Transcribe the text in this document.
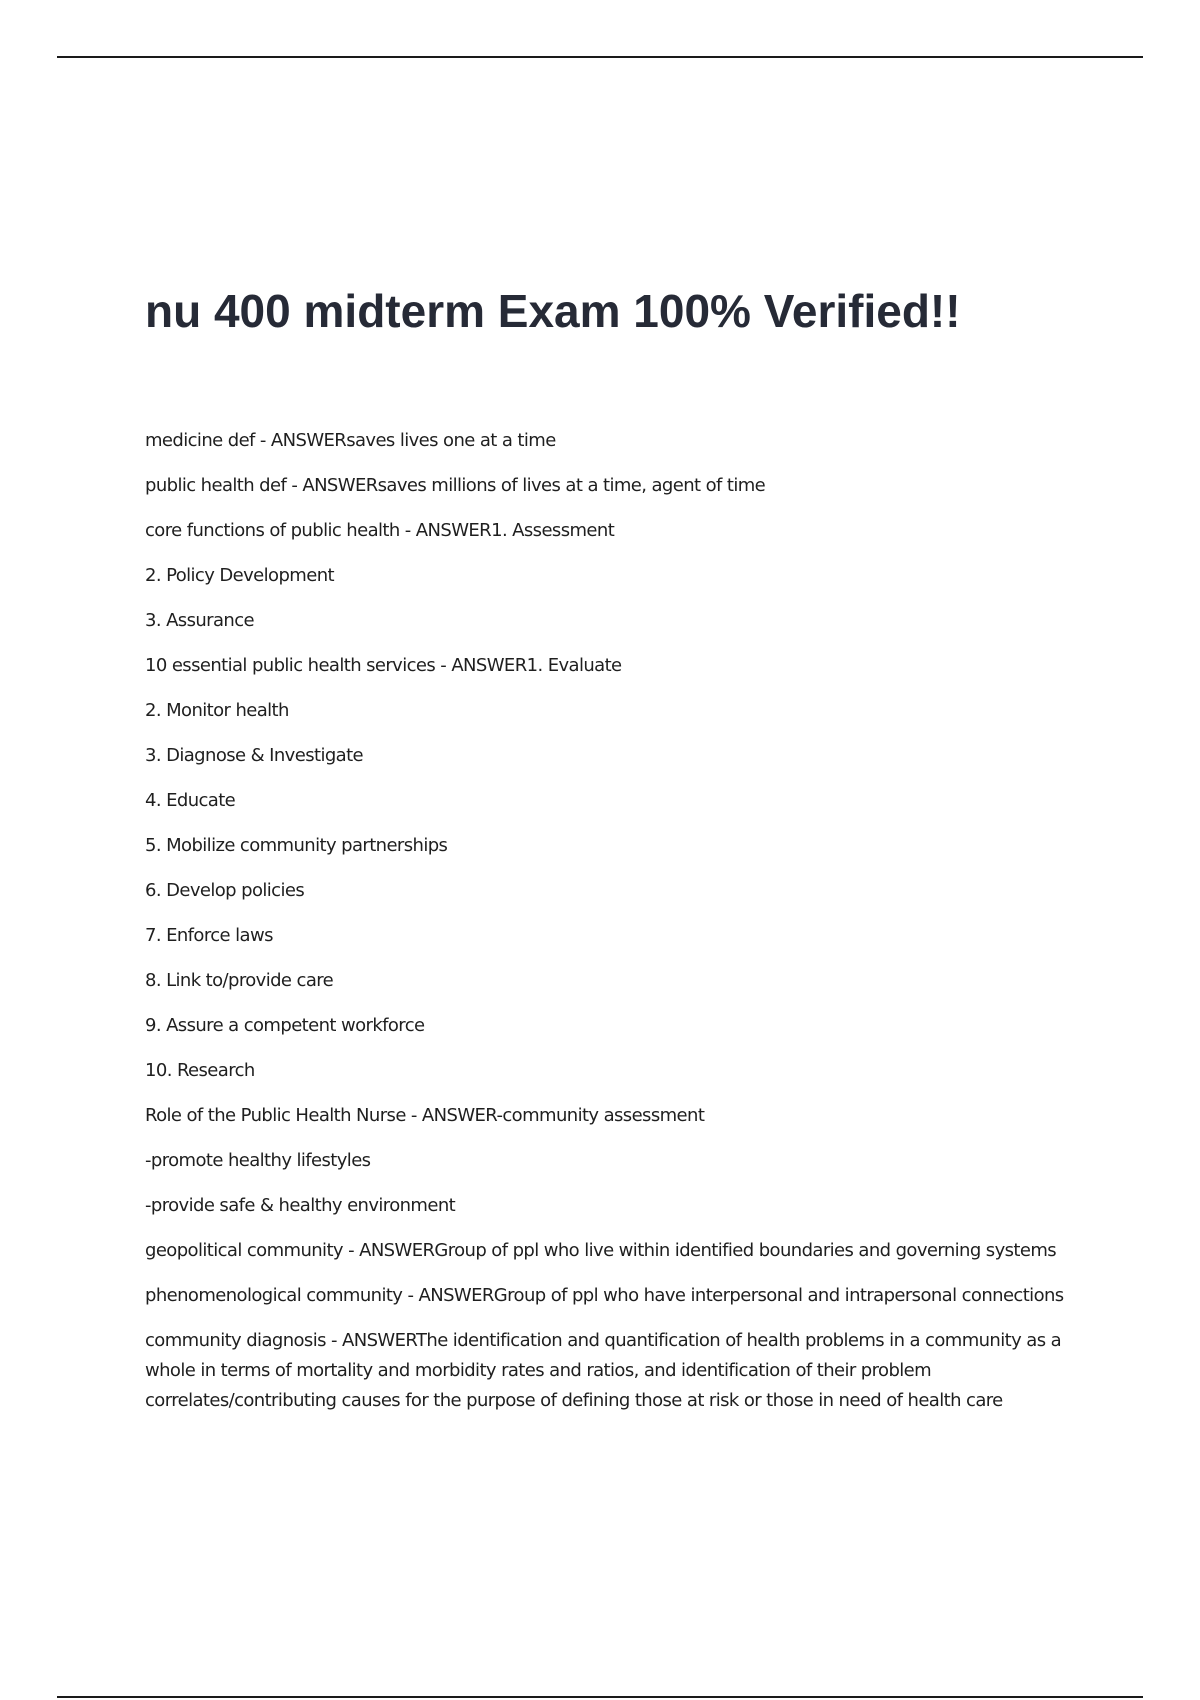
nu 400 midterm Exam 100% Verified!!

medicine def - ANSWERsaves lives one at a time

public health def - ANSWERsaves millions of lives at a time, agent of time

core functions of public health - ANSWER1. Assessment

2. Policy Development

3. Assurance

10 essential public health services - ANSWER1. Evaluate

2. Monitor health

3. Diagnose & Investigate

4. Educate

5. Mobilize community partnerships

6. Develop policies

7. Enforce laws

8. Link to/provide care

9. Assure a competent workforce

10. Research

Role of the Public Health Nurse - ANSWER-community assessment

-promote healthy lifestyles

-provide safe & healthy environment

geopolitical community - ANSWERGroup of ppl who live within identified boundaries and governing systems

phenomenological community - ANSWERGroup of ppl who have interpersonal and intrapersonal connections

community diagnosis - ANSWERThe identification and quantification of health problems in a community as a whole in terms of mortality and morbidity rates and ratios, and identification of their problem correlates/contributing causes for the purpose of defining those at risk or those in need of health care
